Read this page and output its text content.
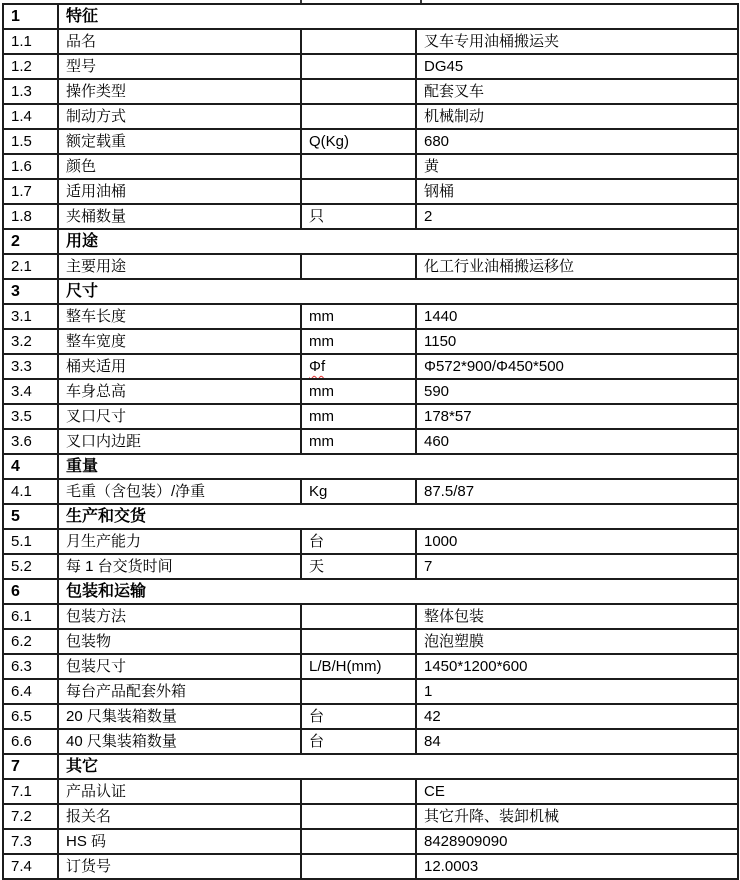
1	特征		
1.1	品名		叉车专用油桶搬运夹
1.2	型号		DG45
1.3	操作类型		配套叉车
1.4	制动方式		机械制动
1.5	额定载重	Q(Kg)	680
1.6	颜色		黄
1.7	适用油桶		钢桶
1.8	夹桶数量	只	2
2	用途		
2.1	主要用途		化工行业油桶搬运移位
3	尺寸		
3.1	整车长度	mm	1440
3.2	整车宽度	mm	1150
3.3	桶夹适用	Φf	Φ572*900/Φ450*500
3.4	车身总高	mm	590
3.5	叉口尺寸	mm	178*57
3.6	叉口内边距	mm	460
4	重量		
4.1	毛重（含包装）/净重	Kg	87.5/87
5	生产和交货		
5.1	月生产能力	台	1000
5.2	每 1 台交货时间	天	7
6	包装和运输		
6.1	包装方法		整体包装
6.2	包装物		泡泡塑膜
6.3	包装尺寸	L/B/H(mm)	1450*1200*600
6.4	每台产品配套外箱		1
6.5	20 尺集装箱数量	台	42
6.6	40 尺集装箱数量	台	84
7	其它		
7.1	产品认证		CE
7.2	报关名		其它升降、装卸机械
7.3	HS 码		8428909090
7.4	订货号		12.0003
